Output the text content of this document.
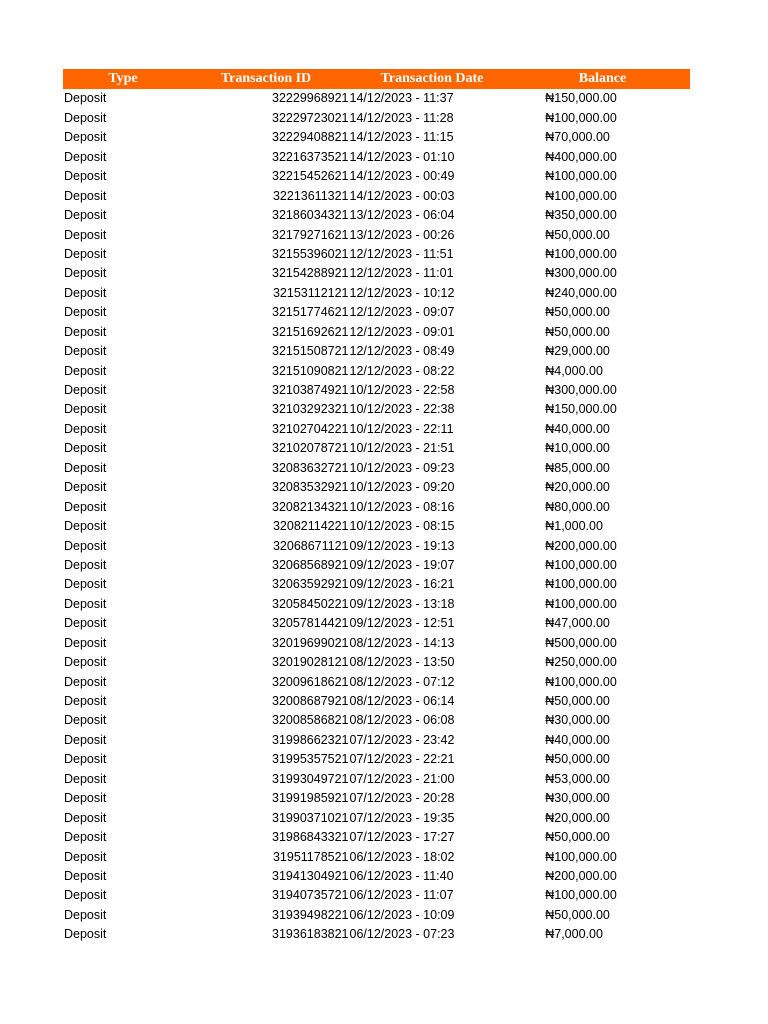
Type	Transaction ID	Transaction Date	Balance
Deposit	32229968921 14/12/2023 - 11:37	₦150,000.00
Deposit	32229723021 14/12/2023 - 11:28	₦100,000.00
Deposit	32229408821 14/12/2023 - 11:15	₦70,000.00
Deposit	32216373521 14/12/2023 - 01:10	₦400,000.00
Deposit	32215452621 14/12/2023 - 00:49	₦100,000.00
Deposit	32213611321 14/12/2023 - 00:03	₦100,000.00
Deposit	32186034321 13/12/2023 - 06:04	₦350,000.00
Deposit	32179271621 13/12/2023 - 00:26	₦50,000.00
Deposit	32155396021 12/12/2023 - 11:51	₦100,000.00
Deposit	32154288921 12/12/2023 - 11:01	₦300,000.00
Deposit	32153112121 12/12/2023 - 10:12	₦240,000.00
Deposit	32151774621 12/12/2023 - 09:07	₦50,000.00
Deposit	32151692621 12/12/2023 - 09:01	₦50,000.00
Deposit	32151508721 12/12/2023 - 08:49	₦29,000.00
Deposit	32151090821 12/12/2023 - 08:22	₦4,000.00
Deposit	32103874921 10/12/2023 - 22:58	₦300,000.00
Deposit	32103292321 10/12/2023 - 22:38	₦150,000.00
Deposit	32102704221 10/12/2023 - 22:11	₦40,000.00
Deposit	32102078721 10/12/2023 - 21:51	₦10,000.00
Deposit	32083632721 10/12/2023 - 09:23	₦85,000.00
Deposit	32083532921 10/12/2023 - 09:20	₦20,000.00
Deposit	32082134321 10/12/2023 - 08:16	₦80,000.00
Deposit	32082114221 10/12/2023 - 08:15	₦1,000.00
Deposit	32068671121 09/12/2023 - 19:13	₦200,000.00
Deposit	32068568921 09/12/2023 - 19:07	₦100,000.00
Deposit	32063592921 09/12/2023 - 16:21	₦100,000.00
Deposit	32058450221 09/12/2023 - 13:18	₦100,000.00
Deposit	32057814421 09/12/2023 - 12:51	₦47,000.00
Deposit	32019699021 08/12/2023 - 14:13	₦500,000.00
Deposit	32019028121 08/12/2023 - 13:50	₦250,000.00
Deposit	32009618621 08/12/2023 - 07:12	₦100,000.00
Deposit	32008687921 08/12/2023 - 06:14	₦50,000.00
Deposit	32008586821 08/12/2023 - 06:08	₦30,000.00
Deposit	31998662321 07/12/2023 - 23:42	₦40,000.00
Deposit	31995357521 07/12/2023 - 22:21	₦50,000.00
Deposit	31993049721 07/12/2023 - 21:00	₦53,000.00
Deposit	31991985921 07/12/2023 - 20:28	₦30,000.00
Deposit	31990371021 07/12/2023 - 19:35	₦20,000.00
Deposit	31986843321 07/12/2023 - 17:27	₦50,000.00
Deposit	31951178521 06/12/2023 - 18:02	₦100,000.00
Deposit	31941304921 06/12/2023 - 11:40	₦200,000.00
Deposit	31940735721 06/12/2023 - 11:07	₦100,000.00
Deposit	31939498221 06/12/2023 - 10:09	₦50,000.00
Deposit	31936183821 06/12/2023 - 07:23	₦7,000.00
